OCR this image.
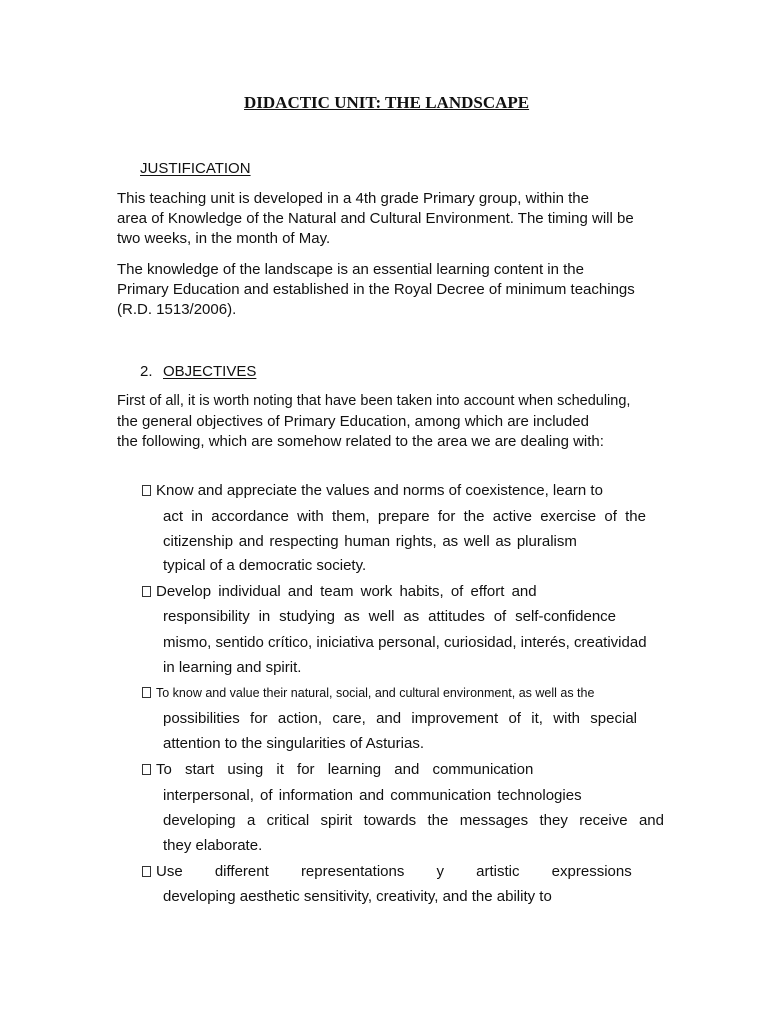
DIDACTIC UNIT: THE LANDSCAPE
JUSTIFICATION
This teaching unit is developed in a 4th grade Primary group, within the
area of Knowledge of the Natural and Cultural Environment. The timing will be
two weeks, in the month of May.
The knowledge of the landscape is an essential learning content in the
Primary Education and established in the Royal Decree of minimum teachings
(R.D. 1513/2006).
2. OBJECTIVES
First of all, it is worth noting that have been taken into account when scheduling,
the general objectives of Primary Education, among which are included
the following, which are somehow related to the area we are dealing with:
Know and appreciate the values and norms of coexistence, learn to
act in accordance with them, prepare for the active exercise of the
citizenship and respecting human rights, as well as pluralism
typical of a democratic society.
Develop individual and team work habits, of effort and
responsibility in studying as well as attitudes of self-confidence
mismo, sentido crítico, iniciativa personal, curiosidad, interés, creatividad
in learning and spirit.
To know and value their natural, social, and cultural environment, as well as the
possibilities for action, care, and improvement of it, with special
attention to the singularities of Asturias.
To start using it for learning and communication
interpersonal, of information and communication technologies
developing a critical spirit towards the messages they receive and
they elaborate.
Use different representations y artistic expressions
developing aesthetic sensitivity, creativity, and the ability to
